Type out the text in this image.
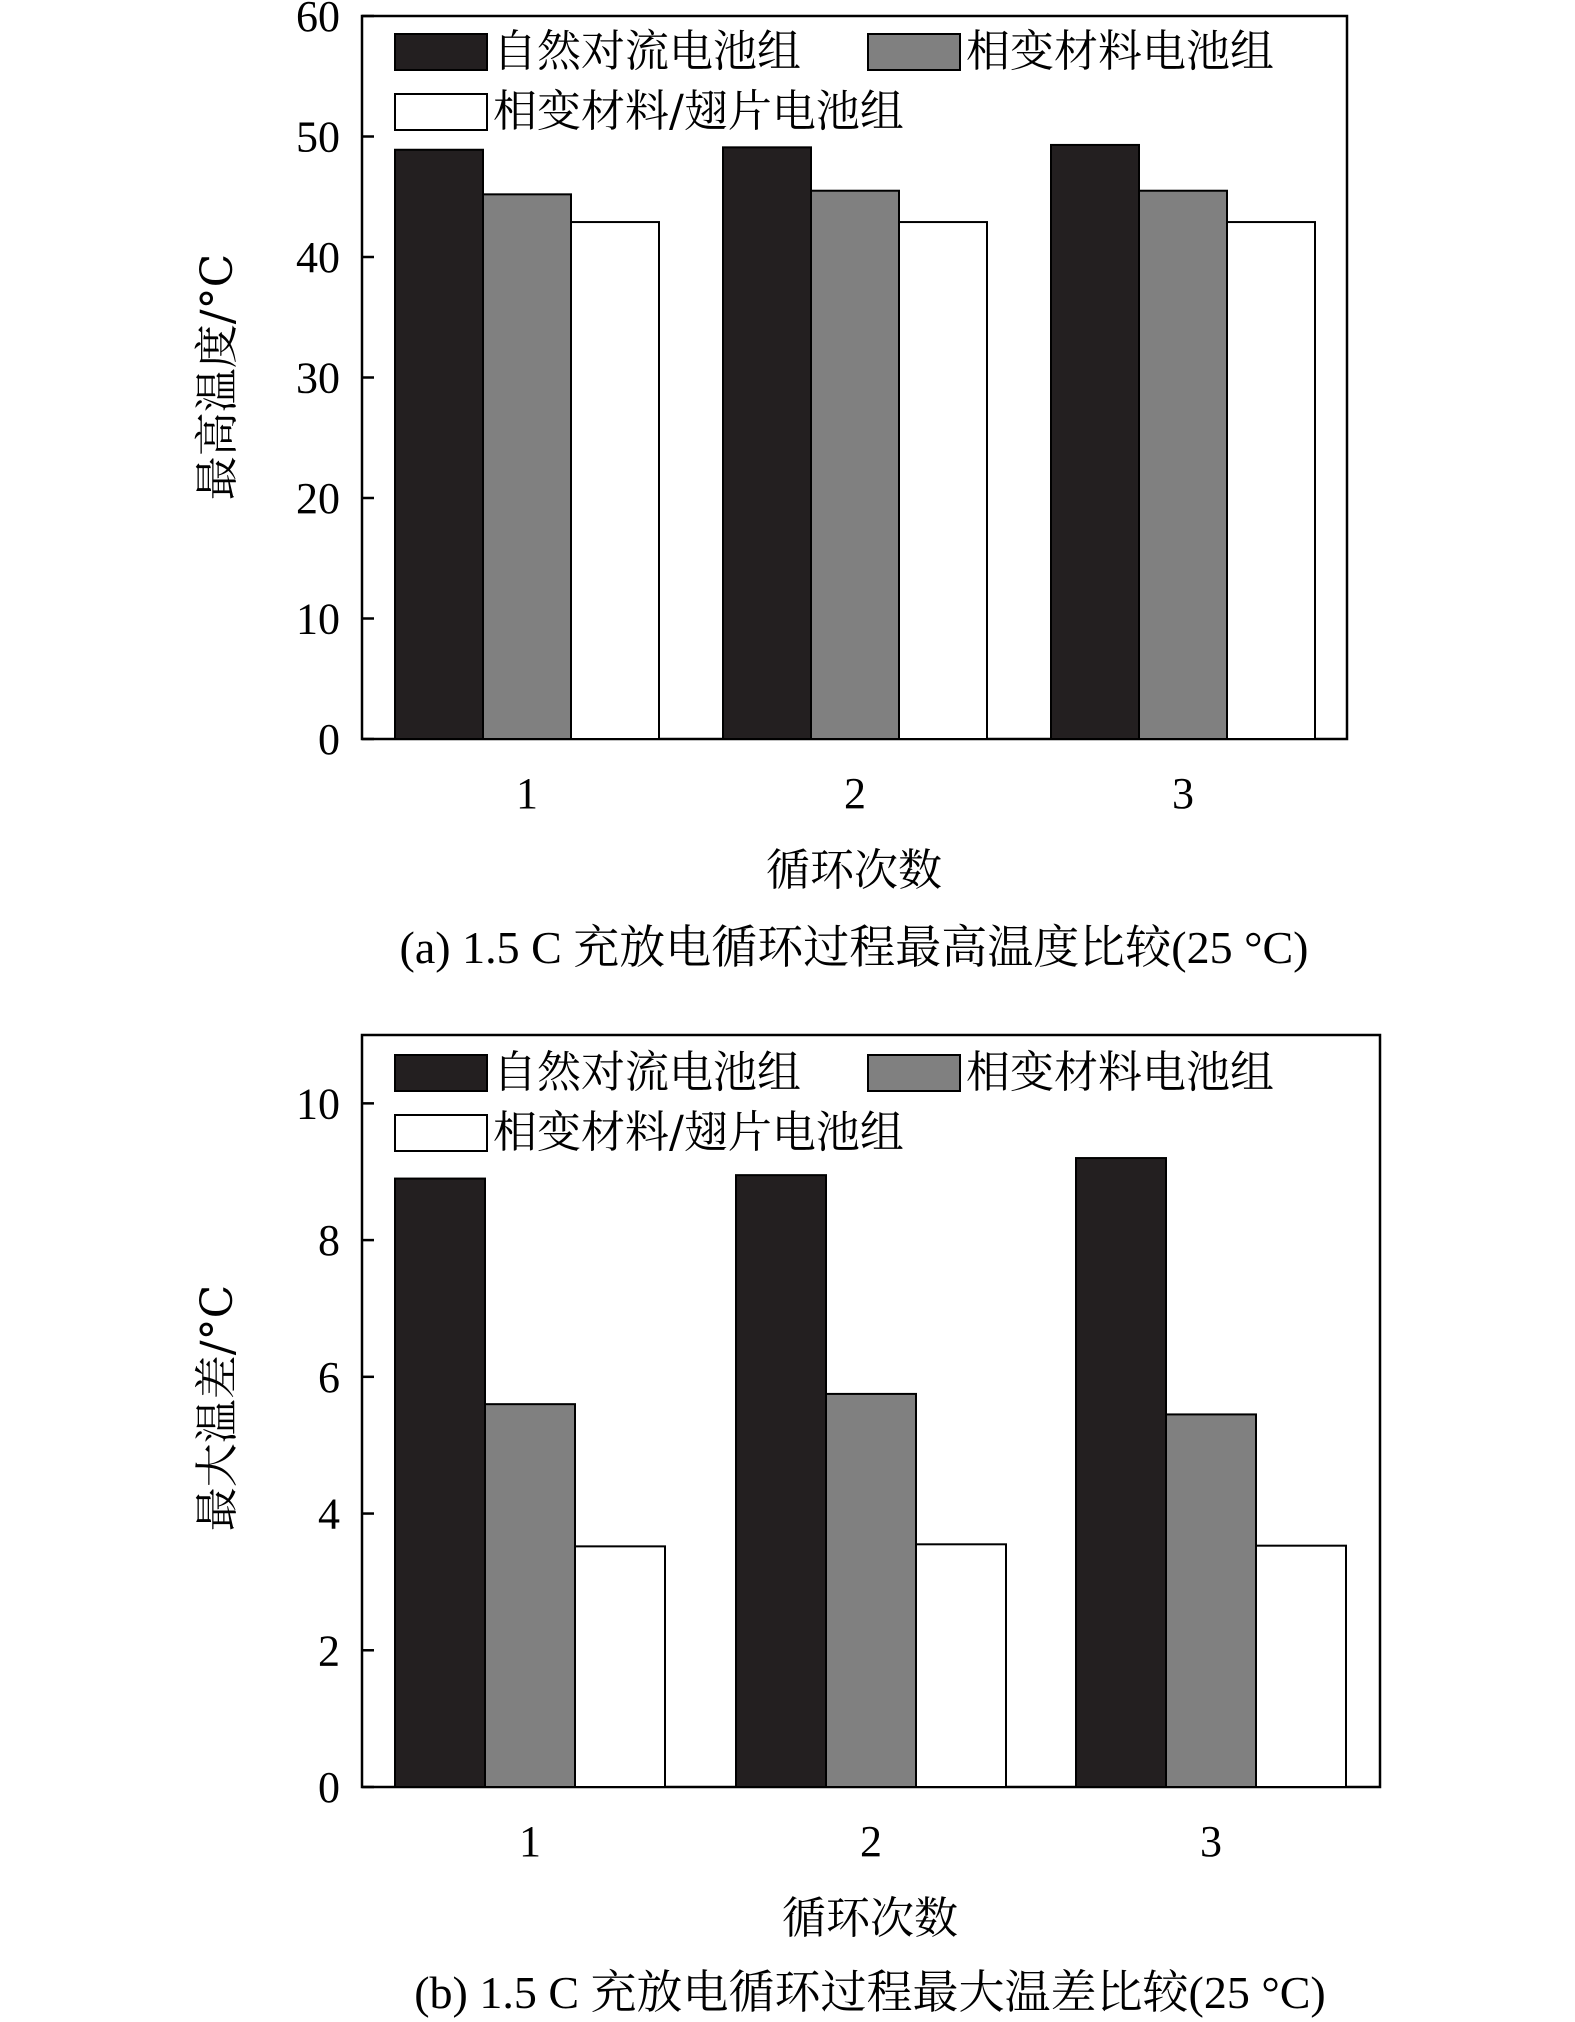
0
10
20
30
40
50
60
1	2	3
自然对流电池组	相变材料电池组
相变材料/翅片电池组
最高温度/°C
循环次数
(a) 1.5 C 充放电循环过程最高温度比较(25 °C)
0
2
4
6
8
10
1	2	3
自然对流电池组	相变材料电池组
相变材料/翅片电池组
最大温差/°C
循环次数
(b) 1.5 C 充放电循环过程最大温差比较(25 °C)
